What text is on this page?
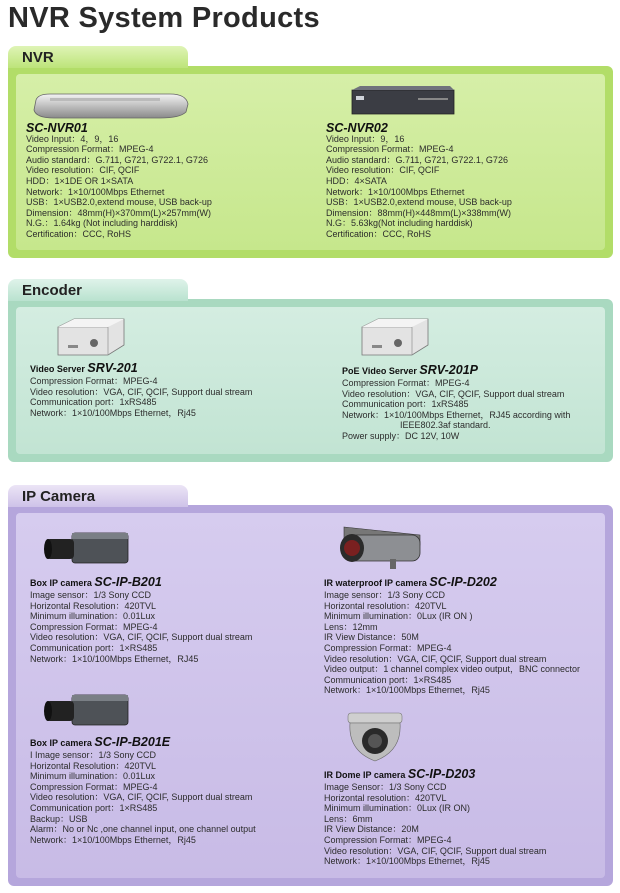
NVR System Products
NVR
SC-NVR01
Video Input：4，9，16
Compression Format：MPEG-4
Audio standard：G.711, G721, G722.1, G726
Video resolution：CIF, QCIF
HDD：1×1DE OR 1×SATA
Network：1×10/100Mbps Ethernet
USB：1×USB2.0,extend mouse, USB back-up
Dimension：48mm(H)×370mm(L)×257mm(W)
N.G.：1.64kg (Not including harddisk)
Certification：CCC, RoHS
SC-NVR02
Video Input：9，16
Compression Format：MPEG-4
Audio standard：G.711, G721, G722.1, G726
Video resolution：CIF, QCIF
HDD：4×SATA
Network：1×10/100Mbps Ethernet
USB：1×USB2.0,extend mouse, USB back-up
Dimension：88mm(H)×448mm(L)×338mm(W)
N.G：5.63kg(Not including harddisk)
Certification：CCC, RoHS
Encoder
Video Server SRV-201
Compression Format：MPEG-4
Video resolution：VGA, CIF, QCIF, Support dual stream
Communication port：1xRS485
Network：1×10/100Mbps Ethernet，Rj45
PoE Video Server SRV-201P
Compression Format：MPEG-4
Video resolution：VGA, CIF, QCIF, Support dual stream
Communication port：1xRS485
Network：1×10/100Mbps Ethernet，RJ45 according with
IEEE802.3af standard.
Power supply：DC 12V, 10W
IP Camera
Box IP camera SC-IP-B201
Image sensor：1/3 Sony CCD
Horizontal Resolution：420TVL
Minimum illumination：0.01Lux
Compression Format：MPEG-4
Video resolution：VGA, CIF, QCIF, Support dual stream
Communication port：1×RS485
Network：1×10/100Mbps Ethernet，RJ45
IR waterproof IP camera SC-IP-D202
Image sensor：1/3 Sony CCD
Horizontal resolution：420TVL
Minimum illumination：0Lux (IR ON )
Lens：12mm
IR View Distance：50M
Compression Format：MPEG-4
Video resolution：VGA, CIF, QCIF, Support dual stream
Video output：1 channel complex video output，BNC connector
Communication port：1×RS485
Network：1×10/100Mbps Ethernet，Rj45
Box IP camera SC-IP-B201E
I Image sensor：1/3 Sony CCD
Horizontal Resolution：420TVL
Minimum illumination：0.01Lux
Compression Format：MPEG-4
Video resolution：VGA, CIF, QCIF, Support dual stream
Communication port：1×RS485
Backup：USB
Alarm：No or Nc ,one channel input, one channel output
Network：1×10/100Mbps Ethernet，Rj45
IR Dome IP camera SC-IP-D203
Image Sensor：1/3 Sony CCD
Horizontal resolution：420TVL
Minimum illumination：0Lux (IR ON)
Lens：6mm
IR View Distance：20M
Compression Format：MPEG-4
Video resolution：VGA, CIF, QCIF, Support dual stream
Network：1×10/100Mbps Ethernet，Rj45
